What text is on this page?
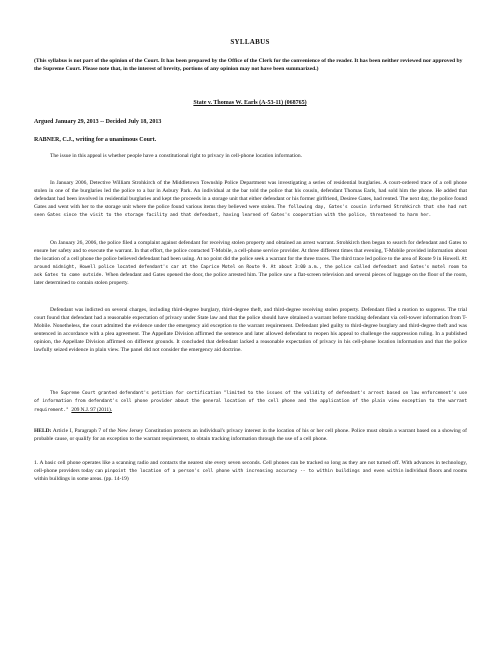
SYLLABUS
(This syllabus is not part of the opinion of the Court. It has been prepared by the Office of the Clerk for the convenience of the reader. It has been neither reviewed nor approved by the Supreme Court. Please note that, in the interest of brevity, portions of any opinion may not have been summarized.)
State v. Thomas W. Earls (A-53-11) (068765)
Argued January 29, 2013 -- Decided July 18, 2013
RABNER, C.J., writing for a unanimous Court.

The issue in this appeal is whether people have a constitutional right to privacy in cell-phone location information.

In January 2006, Detective William Strohkirch of the Middletown Township Police Department was investigating a series of residential burglaries. A court-ordered trace of a cell phone stolen in one of the burglaries led the police to a bar in Asbury Park. An individual at the bar told the police that his cousin, defendant Thomas Earls, had sold him the phone. He added that defendant had been involved in residential burglaries and kept the proceeds in a storage unit that either defendant or his former girlfriend, Desiree Gates, had rented. The next day, the police found Gates and went with her to the storage unit where the police found various items they believed were stolen. The following day, Gates's cousin informed Strohkirch that she had not seen Gates since the visit to the storage facility and that defendant, having learned of Gates's cooperation with the police, threatened to harm her.

On January 26, 2006, the police filed a complaint against defendant for receiving stolen property and obtained an arrest warrant. Strohkirch then began to search for defendant and Gates to ensure her safety and to execute the warrant. In that effort, the police contacted T-Mobile, a cell-phone service provider. At three different times that evening, T-Mobile provided information about the location of a cell phone the police believed defendant had been using. At no point did the police seek a warrant for the three traces. The third trace led police to the area of Route 9 in Howell. At around midnight, Howell police located defendant's car at the Caprice Motel on Route 9. At about 3:00 a.m., the police called defendant and Gates's motel room to ask Gates to come outside. When defendant and Gates opened the door, the police arrested him. The police saw a flat-screen television and several pieces of luggage on the floor of the room, later determined to contain stolen property.

Defendant was indicted on several charges, including third-degree burglary, third-degree theft, and third-degree receiving stolen property. Defendant filed a motion to suppress. The trial court found that defendant had a reasonable expectation of privacy under State law and that the police should have obtained a warrant before tracking defendant via cell-tower information from T-Mobile. Nonetheless, the court admitted the evidence under the emergency aid exception to the warrant requirement. Defendant pled guilty to third-degree burglary and third-degree theft and was sentenced in accordance with a plea agreement. The Appellate Division affirmed the sentence and later allowed defendant to reopen his appeal to challenge the suppression ruling. In a published opinion, the Appellate Division affirmed on different grounds. It concluded that defendant lacked a reasonable expectation of privacy in his cell-phone location information and that the police lawfully seized evidence in plain view. The panel did not consider the emergency aid doctrine.

The Supreme Court granted defendant's petition for certification "limited to the issues of the validity of defendant's arrest based on law enforcement's use of information from defendant's cell phone provider about the general location of the cell phone and the application of the plain view exception to the warrant requirement." 209 N.J. 97 (2011).

HELD: Article I, Paragraph 7 of the New Jersey Constitution protects an individual's privacy interest in the location of his or her cell phone. Police must obtain a warrant based on a showing of probable cause, or qualify for an exception to the warrant requirement, to obtain tracking information through the use of a cell phone.

1. A basic cell phone operates like a scanning radio and contacts the nearest site every seven seconds. Cell phones can be tracked so long as they are not turned off. With advances in technology, cell-phone providers today can pinpoint the location of a person's cell phone with increasing accuracy -- to within buildings and even within individual floors and rooms within buildings in some areas. (pp. 14-19)
